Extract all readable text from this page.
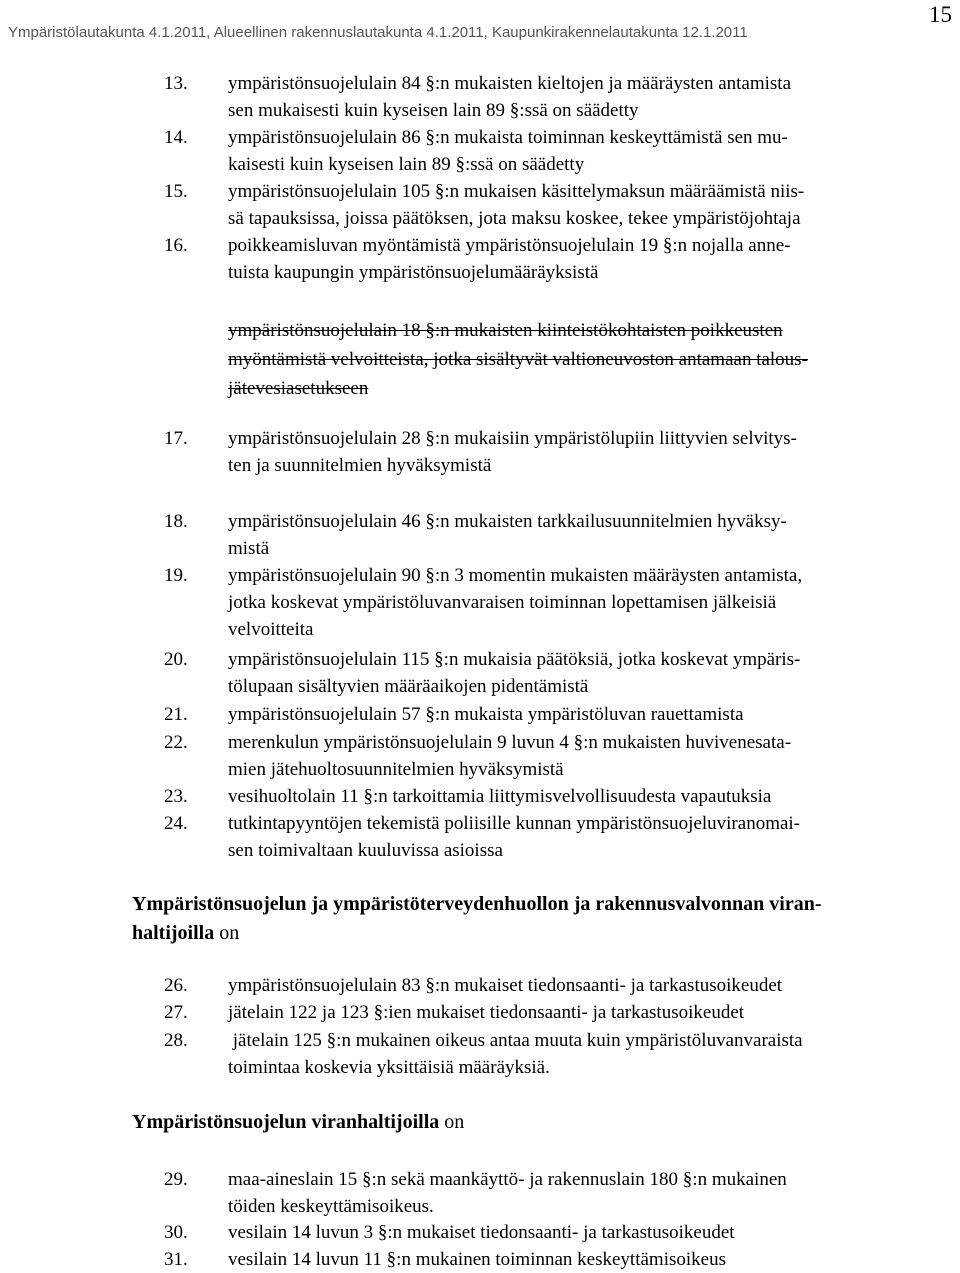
Ympäristölautakunta 4.1.2011, Alueellinen rakennuslautakunta 4.1.2011, Kaupunkirakennelautakunta 12.1.2011
15
13.	ympäristönsuojelulain 84 §:n mukaisten kieltojen ja määräysten antamista
sen mukaisesti kuin kyseisen lain 89 §:ssä on säädetty
14.	ympäristönsuojelulain 86 §:n mukaista toiminnan keskeyttämistä sen mu-
kaisesti kuin kyseisen lain 89 §:ssä on säädetty
15.	ympäristönsuojelulain 105 §:n mukaisen käsittelymaksun määräämistä niis-
sä tapauksissa, joissa päätöksen, jota maksu koskee, tekee ympäristöjohtaja
16.	poikkeamisluvan myöntämistä ympäristönsuojelulain 19 §:n nojalla anne-
tuista kaupungin ympäristönsuojelumääräyksistä
ympäristönsuojelulain 18 §:n mukaisten kiinteistökohtaisten poikkeusten
myöntämistä velvoitteista, jotka sisältyvät valtioneuvoston antamaan talous-
jätevesiasetukseen
17.	ympäristönsuojelulain 28 §:n mukaisiin ympäristölupiin liittyvien selvitys-
ten ja suunnitelmien hyväksymistä
18.	ympäristönsuojelulain 46 §:n mukaisten tarkkailusuunnitelmien hyväksy-
mistä
19.	ympäristönsuojelulain 90 §:n 3 momentin mukaisten määräysten antamista,
jotka koskevat ympäristöluvanvaraisen toiminnan lopettamisen jälkeisiä
velvoitteita
20.	ympäristönsuojelulain 115 §:n mukaisia päätöksiä, jotka koskevat ympäris-
tölupaan sisältyvien määräaikojen pidentämistä
21.	ympäristönsuojelulain 57 §:n mukaista ympäristöluvan rauettamista
22.	merenkulun ympäristönsuojelulain 9 luvun 4 §:n mukaisten huvivenesata-
mien jätehuoltosuunnitelmien hyväksymistä
23.	vesihuoltolain 11 §:n tarkoittamia liittymisvelvollisuudesta vapautuksia
24.	tutkintapyyntöjen tekemistä poliisille kunnan ympäristönsuojeluviranomai-
sen toimivaltaan kuuluvissa asioissa
Ympäristönsuojelun ja ympäristöterveydenhuollon ja rakennusvalvonnan viran-
haltijoilla on
26.	ympäristönsuojelulain 83 §:n mukaiset tiedonsaanti- ja tarkastusoikeudet
27.	jätelain 122 ja 123 §:ien mukaiset tiedonsaanti- ja tarkastusoikeudet
28.	jätelain 125 §:n mukainen oikeus antaa muuta kuin ympäristöluvanvaraista
toimintaa koskevia yksittäisiä määräyksiä.
Ympäristönsuojelun viranhaltijoilla on
29.	maa-aineslain 15 §:n sekä maankäyttö- ja rakennuslain 180 §:n mukainen
töiden keskeyttämisoikeus.
30.	vesilain 14 luvun 3 §:n mukaiset tiedonsaanti- ja tarkastusoikeudet
31.	vesilain 14 luvun 11 §:n mukainen toiminnan keskeyttämisoikeus
